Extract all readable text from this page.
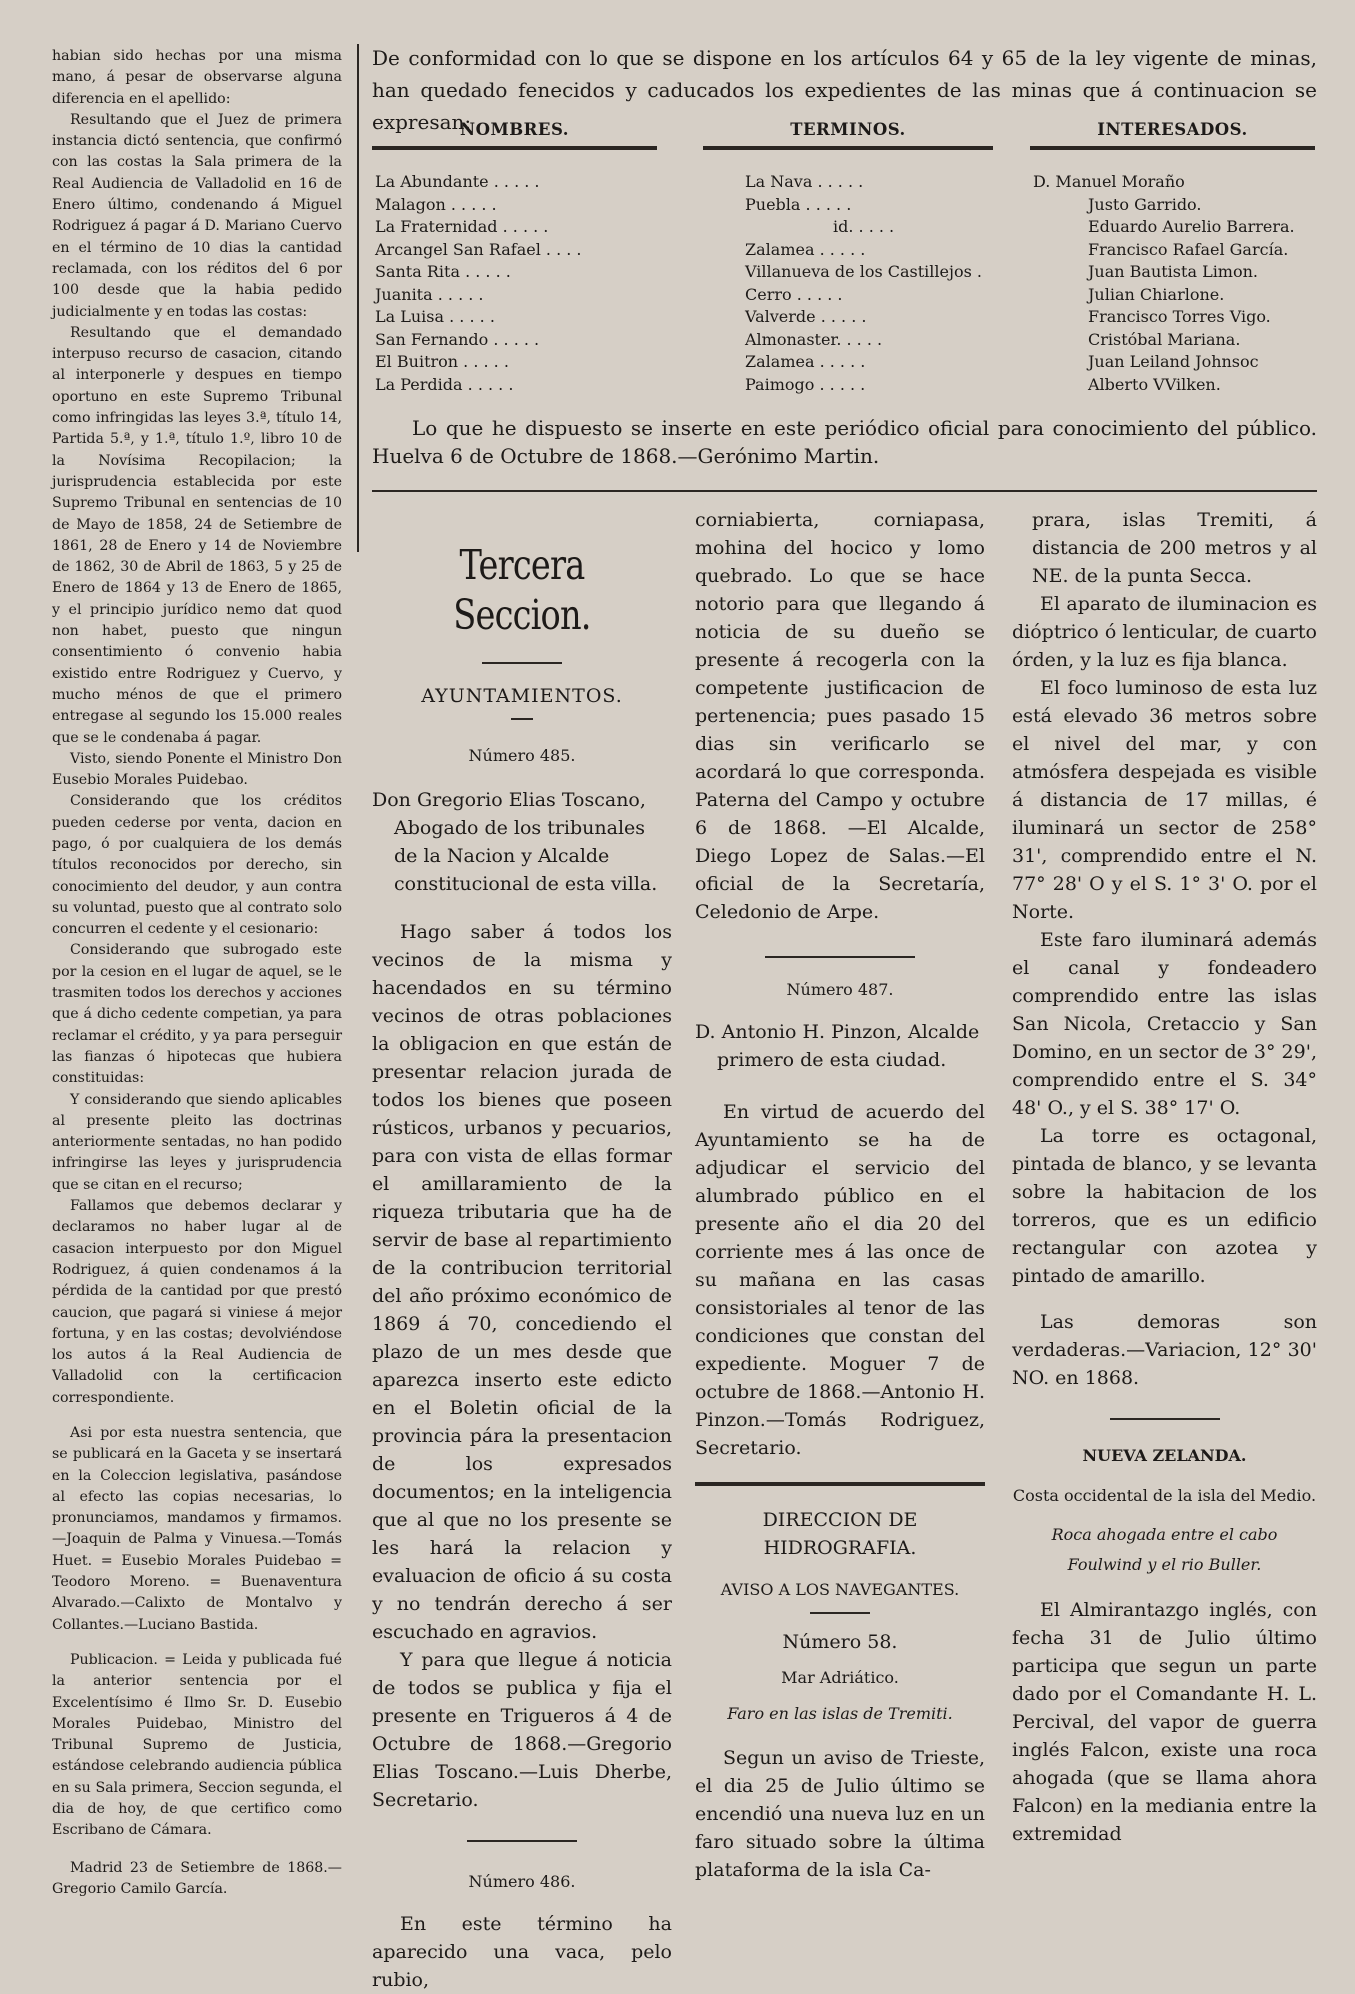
habian sido hechas por una misma mano, á pesar de observarse alguna diferencia en el apellido:

Resultando que el Juez de primera instancia dictó sentencia, que confirmó con las costas la Sala primera de la Real Audiencia de Valladolid en 16 de Enero último, condenando á Miguel Rodriguez á pagar á D. Mariano Cuervo en el término de 10 dias la cantidad reclamada, con los réditos del 6 por 100 desde que la habia pedido judicialmente y en todas las costas:

Resultando que el demandado interpuso recurso de casacion, citando al interponerle y despues en tiempo oportuno en este Supremo Tribunal como infringidas las leyes 3.ª, título 14, Partida 5.ª, y 1.ª, título 1.º, libro 10 de la Novísima Recopilacion; la jurisprudencia establecida por este Supremo Tribunal en sentencias de 10 de Mayo de 1858, 24 de Setiembre de 1861, 28 de Enero y 14 de Noviembre de 1862, 30 de Abril de 1863, 5 y 25 de Enero de 1864 y 13 de Enero de 1865, y el principio jurídico nemo dat quod non habet, puesto que ningun consentimiento ó convenio habia existido entre Rodriguez y Cuervo, y mucho ménos de que el primero entregase al segundo los 15.000 reales que se le condenaba á pagar.

Visto, siendo Ponente el Ministro Don Eusebio Morales Puidebao.

Considerando que los créditos pueden cederse por venta, dacion en pago, ó por cualquiera de los demás títulos reconocidos por derecho, sin conocimiento del deudor, y aun contra su voluntad, puesto que al contrato solo concurren el cedente y el cesionario:

Considerando que subrogado este por la cesion en el lugar de aquel, se le trasmiten todos los derechos y acciones que á dicho cedente competian, ya para reclamar el crédito, y ya para perseguir las fianzas ó hipotecas que hubiera constituidas:

Y considerando que siendo aplicables al presente pleito las doctrinas anteriormente sentadas, no han podido infringirse las leyes y jurisprudencia que se citan en el recurso;

Fallamos que debemos declarar y declaramos no haber lugar al de casacion interpuesto por don Miguel Rodriguez, á quien condenamos á la pérdida de la cantidad por que prestó caucion, que pagará si viniese á mejor fortuna, y en las costas; devolviéndose los autos á la Real Audiencia de Valladolid con la certificacion correspondiente.

Asi por esta nuestra sentencia, que se publicará en la Gaceta y se insertará en la Coleccion legislativa, pasándose al efecto las copias necesarias, lo pronunciamos, mandamos y firmamos.—Joaquin de Palma y Vinuesa.—Tomás Huet. = Eusebio Morales Puidebao = Teodoro Moreno. = Buenaventura Alvarado.—Calixto de Montalvo y Collantes.—Luciano Bastida.

Publicacion. = Leida y publicada fué la anterior sentencia por el Excelentísimo é Ilmo Sr. D. Eusebio Morales Puidebao, Ministro del Tribunal Supremo de Justicia, estándose celebrando audiencia pública en su Sala primera, Seccion segunda, el dia de hoy, de que certifico como Escribano de Cámara.

Madrid 23 de Setiembre de 1868.—Gregorio Camilo García.

De conformidad con lo que se dispone en los artículos 64 y 65 de la ley vigente de minas, han quedado fenecidos y caducados los expedientes de las minas que á continuacion se expresan:

NOMBRES.	TERMINOS.	INTERESADOS.
La Abundante . . . . .
Malagon . . . . .
La Fraternidad . . . . .
Arcangel San Rafael . . . .
Santa Rita . . . . .
Juanita . . . . .
La Luisa . . . . .
San Fernando . . . . .
El Buitron . . . . .
La Perdida . . . . .
La Nava . . . . .
Puebla . . . . .
id. . . . .
Zalamea . . . . .
Villanueva de los Castillejos .
Cerro . . . . .
Valverde . . . . .
Almonaster. . . . .
Zalamea . . . . .
Paimogo . . . . .
D. Manuel Moraño
Justo Garrido.
Eduardo Aurelio Barrera.
Francisco Rafael García.
Juan Bautista Limon.
Julian Chiarlone.
Francisco Torres Vigo.
Cristóbal Mariana.
Juan Leiland Johnsoc
Alberto VVilken.

Lo que he dispuesto se inserte en este periódico oficial para conocimiento del público. Huelva 6 de Octubre de 1868.—Gerónimo Martin.

Tercera Seccion.

AYUNTAMIENTOS.

Número 485.

Don Gregorio Elias Toscano, Abogado de los tribunales de la Nacion y Alcalde constitucional de esta villa.

Hago saber á todos los vecinos de la misma y hacendados en su término vecinos de otras poblaciones la obligacion en que están de presentar relacion jurada de todos los bienes que poseen rústicos, urbanos y pecuarios, para con vista de ellas formar el amillaramiento de la riqueza tributaria que ha de servir de base al repartimiento de la contribucion territorial del año próximo económico de 1869 á 70, concediendo el plazo de un mes desde que aparezca inserto este edicto en el Boletin oficial de la provincia pára la presentacion de los expresados documentos; en la inteligencia que al que no los presente se les hará la relacion y evaluacion de oficio á su costa y no tendrán derecho á ser escuchado en agravios.

Y para que llegue á noticia de todos se publica y fija el presente en Trigueros á 4 de Octubre de 1868.—Gregorio Elias Toscano.—Luis Dherbe, Secretario.

Número 486.

En este término ha aparecido una vaca, pelo rubio,

corniabierta, corniapasa, mohina del hocico y lomo quebrado. Lo que se hace notorio para que llegando á noticia de su dueño se presente á recogerla con la competente justificacion de pertenencia; pues pasado 15 dias sin verificarlo se acordará lo que corresponda. Paterna del Campo y octubre 6 de 1868. —El Alcalde, Diego Lopez de Salas.—El oficial de la Secretaría, Celedonio de Arpe.

Número 487.

D. Antonio H. Pinzon, Alcalde primero de esta ciudad.

En virtud de acuerdo del Ayuntamiento se ha de adjudicar el servicio del alumbrado público en el presente año el dia 20 del corriente mes á las once de su mañana en las casas consistoriales al tenor de las condiciones que constan del expediente. Moguer 7 de octubre de 1868.—Antonio H. Pinzon.—Tomás Rodriguez, Secretario.

DIRECCION DE HIDROGRAFIA.

AVISO A LOS NAVEGANTES.

Número 58.

Mar Adriático.

Faro en las islas de Tremiti.

Segun un aviso de Trieste, el dia 25 de Julio último se encendió una nueva luz en un faro situado sobre la última plataforma de la isla Ca-

prara, islas Tremiti, á distancia de 200 metros y al NE. de la punta Secca.

El aparato de iluminacion es dióptrico ó lenticular, de cuarto órden, y la luz es fija blanca.

El foco luminoso de esta luz está elevado 36 metros sobre el nivel del mar, y con atmósfera despejada es visible á distancia de 17 millas, é iluminará un sector de 258° 31', comprendido entre el N. 77° 28' O y el S. 1° 3' O. por el Norte.

Este faro iluminará además el canal y fondeadero comprendido entre las islas San Nicola, Cretaccio y San Domino, en un sector de 3° 29', comprendido entre el S. 34° 48' O., y el S. 38° 17' O.

La torre es octagonal, pintada de blanco, y se levanta sobre la habitacion de los torreros, que es un edificio rectangular con azotea y pintado de amarillo.

Las demoras son verdaderas.—Variacion, 12° 30' NO. en 1868.

NUEVA ZELANDA.

Costa occidental de la isla del Medio.

Roca ahogada entre el cabo Foulwind y el rio Buller.

El Almirantazgo inglés, con fecha 31 de Julio último participa que segun un parte dado por el Comandante H. L. Percival, del vapor de guerra inglés Falcon, existe una roca ahogada (que se llama ahora Falcon) en la mediania entre la extremidad
